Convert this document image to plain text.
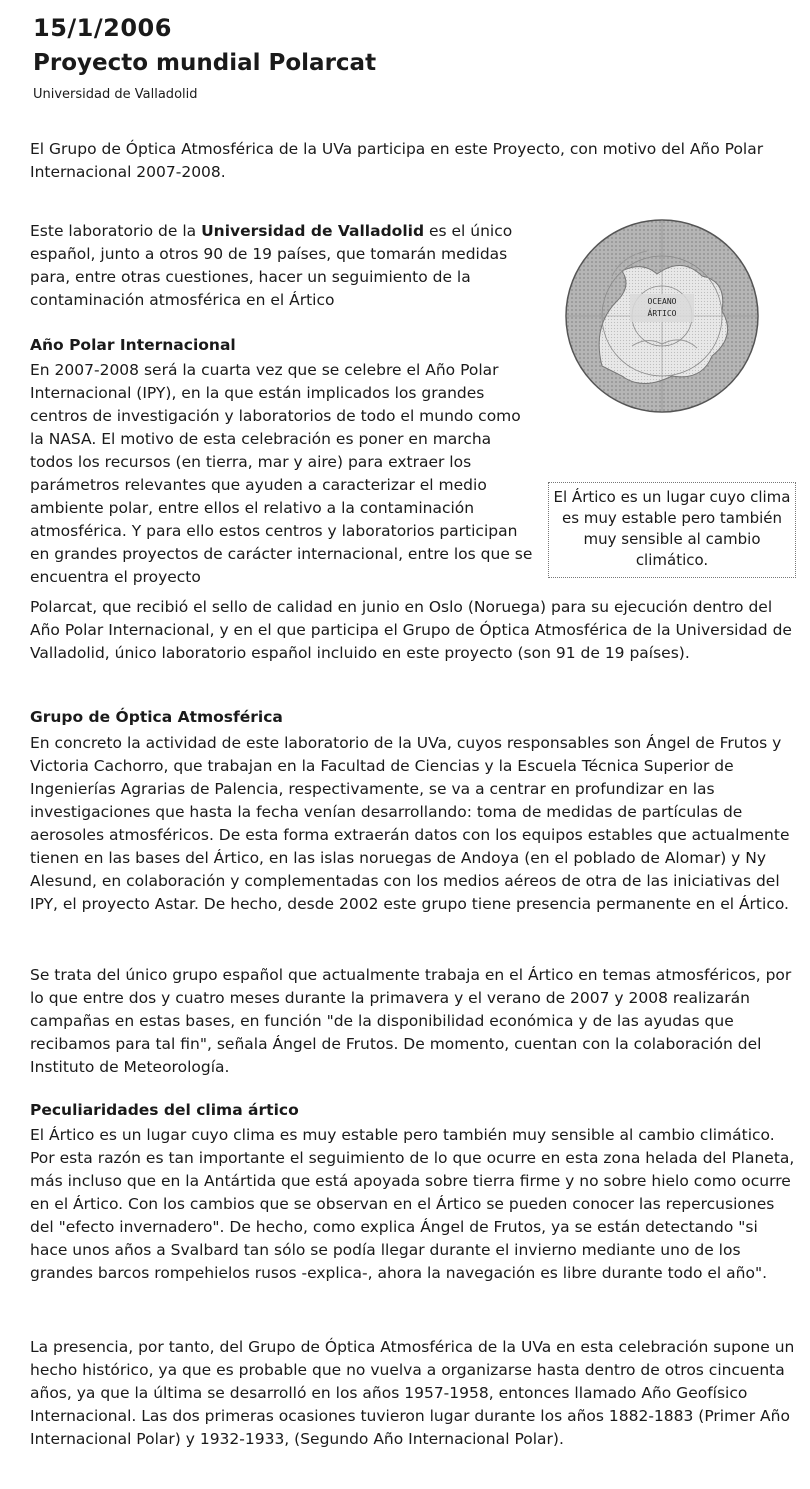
15/1/2006
Proyecto mundial Polarcat
Universidad de Valladolid

El Grupo de Óptica Atmosférica de la UVa participa en este Proyecto, con motivo del Año Polar Internacional 2007-2008.

Este laboratorio de la Universidad de Valladolid es el único español, junto a otros 90 de 19 países, que tomarán medidas para, entre otras cuestiones, hacer un seguimiento de la contaminación atmosférica en el Ártico	OCEANO
ÁRTICO
El Ártico es un lugar cuyo clima es muy estable pero también muy sensible al cambio climático.
Año Polar Internacional

En 2007-2008 será la cuarta vez que se celebre el Año Polar Internacional (IPY), en la que están implicados los grandes centros de investigación y laboratorios de todo el mundo como la NASA. El motivo de esta celebración es poner en marcha todos los recursos (en tierra, mar y aire) para extraer los parámetros relevantes que ayuden a caracterizar el medio ambiente polar, entre ellos el relativo a la contaminación atmosférica. Y para ello estos centros y laboratorios participan en grandes proyectos de carácter internacional, entre los que se encuentra el proyecto

Polarcat, que recibió el sello de calidad en junio en Oslo (Noruega) para su ejecución dentro del Año Polar Internacional, y en el que participa el Grupo de Óptica Atmosférica de la Universidad de Valladolid, único laboratorio español incluido en este proyecto (son 91 de 19 países).

Grupo de Óptica Atmosférica

En concreto la actividad de este laboratorio de la UVa, cuyos responsables son Ángel de Frutos y Victoria Cachorro, que trabajan en la Facultad de Ciencias y la Escuela Técnica Superior de Ingenierías Agrarias de Palencia, respectivamente, se va a centrar en profundizar en las investigaciones que hasta la fecha venían desarrollando: toma de medidas de partículas de aerosoles atmosféricos. De esta forma extraerán datos con los equipos estables que actualmente tienen en las bases del Ártico, en las islas noruegas de Andoya (en el poblado de Alomar) y Ny Alesund, en colaboración y complementadas con los medios aéreos de otra de las iniciativas del IPY, el proyecto Astar. De hecho, desde 2002 este grupo tiene presencia permanente en el Ártico.

Se trata del único grupo español que actualmente trabaja en el Ártico en temas atmosféricos, por lo que entre dos y cuatro meses durante la primavera y el verano de 2007 y 2008 realizarán campañas en estas bases, en función "de la disponibilidad económica y de las ayudas que recibamos para tal fin", señala Ángel de Frutos. De momento, cuentan con la colaboración del Instituto de Meteorología.

Peculiaridades del clima ártico

El Ártico es un lugar cuyo clima es muy estable pero también muy sensible al cambio climático. Por esta razón es tan importante el seguimiento de lo que ocurre en esta zona helada del Planeta, más incluso que en la Antártida que está apoyada sobre tierra firme y no sobre hielo como ocurre en el Ártico. Con los cambios que se observan en el Ártico se pueden conocer las repercusiones del "efecto invernadero". De hecho, como explica Ángel de Frutos, ya se están detectando "si hace unos años a Svalbard tan sólo se podía llegar durante el invierno mediante uno de los grandes barcos rompehielos rusos -explica-, ahora la navegación es libre durante todo el año".

La presencia, por tanto, del Grupo de Óptica Atmosférica de la UVa en esta celebración supone un hecho histórico, ya que es probable que no vuelva a organizarse hasta dentro de otros cincuenta años, ya que la última se desarrolló en los años 1957-1958, entonces llamado Año Geofísico Internacional. Las dos primeras ocasiones tuvieron lugar durante los años 1882-1883 (Primer Año Internacional Polar) y 1932-1933, (Segundo Año Internacional Polar).
